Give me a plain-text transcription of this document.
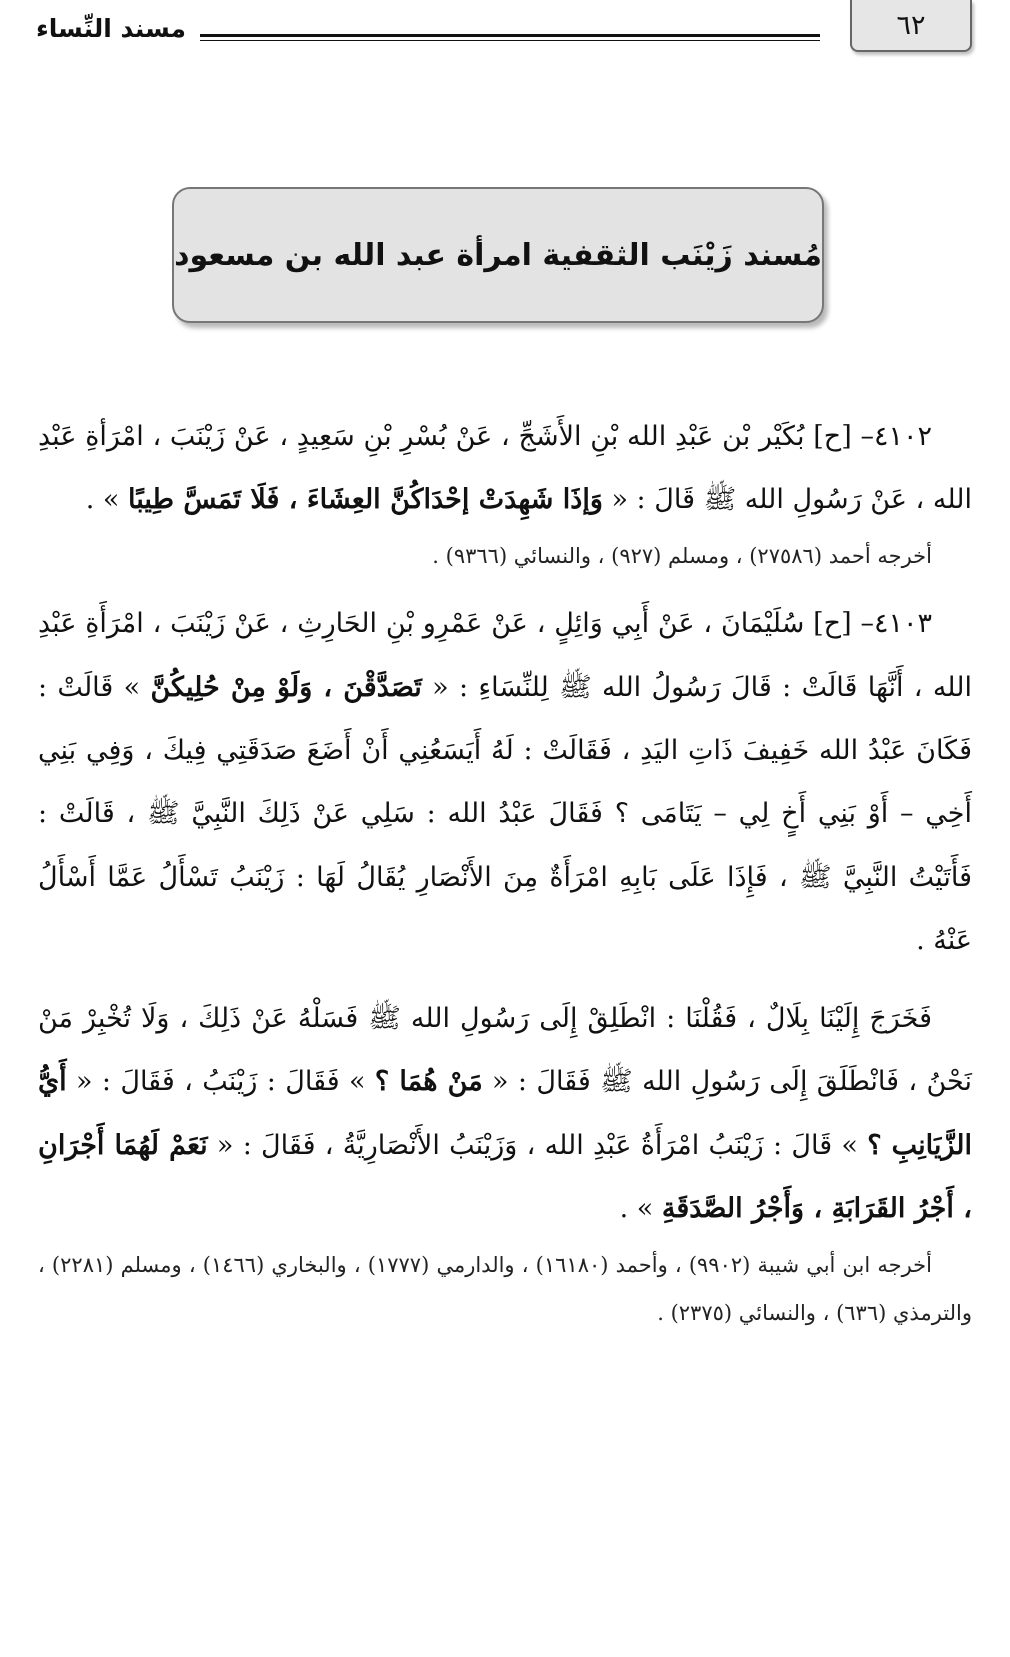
٦٢
مسند النِّساء
مُسند زَيْنَب الثقفية امرأة عبد الله بن مسعود

٤١٠٢– [ح] بُكَيْر بْن عَبْدِ الله بْنِ الأَشَجِّ ، عَنْ بُسْرِ بْنِ سَعِيدٍ ، عَنْ زَيْنَبَ ، امْرَأةِ عَبْدِ الله ، عَنْ رَسُولِ الله ﷺ قَالَ : « وَإذَا شَهِدَتْ إحْدَاكُنَّ العِشَاءَ ، فَلَا تَمَسَّ طِيبًا » .

أخرجه أحمد (٢٧٥٨٦) ، ومسلم (٩٢٧) ، والنسائي (٩٣٦٦) .

٤١٠٣– [ح] سُلَيْمَانَ ، عَنْ أَبِي وَائِلٍ ، عَنْ عَمْرِو بْنِ الحَارِثِ ، عَنْ زَيْنَبَ ، امْرَأَةِ عَبْدِ الله ، أَنَّهَا قَالَتْ : قَالَ رَسُولُ الله ﷺ لِلنِّسَاءِ : « تَصَدَّقْنَ ، وَلَوْ مِنْ حُلِيكُنَّ » قَالَتْ : فَكَانَ عَبْدُ الله خَفِيفَ ذَاتِ اليَدِ ، فَقَالَتْ : لَهُ أَيَسَعُنِي أَنْ أَضَعَ صَدَقَتِي فِيكَ ، وَفِي بَنِي أَخِي – أَوْ بَنِي أَخٍ لِي – يَتَامَى ؟ فَقَالَ عَبْدُ الله : سَلِي عَنْ ذَلِكَ النَّبِيَّ ﷺ ، قَالَتْ : فَأَتَيْتُ النَّبِيَّ ﷺ ، فَإِذَا عَلَى بَابِهِ امْرَأَةٌ مِنَ الأَنْصَارِ يُقَالُ لَهَا : زَيْنَبُ تَسْأَلُ عَمَّا أَسْأَلُ عَنْهُ .

فَخَرَجَ إِلَيْنَا بِلَالٌ ، فَقُلْنَا : انْطَلِقْ إِلَى رَسُولِ الله ﷺ فَسَلْهُ عَنْ ذَلِكَ ، وَلَا تُخْبِرْ مَنْ نَحْنُ ، فَانْطَلَقَ إِلَى رَسُولِ الله ﷺ فَقَالَ : « مَنْ هُمَا ؟ » فَقَالَ : زَيْنَبُ ، فَقَالَ : « أَيُّ الزَّيَانِبِ ؟ » قَالَ : زَيْنَبُ امْرَأَةُ عَبْدِ الله ، وَزَيْنَبُ الأَنْصَارِيَّةُ ، فَقَالَ : « نَعَمْ لَهُمَا أَجْرَانِ ، أَجْرُ القَرَابَةِ ، وَأَجْرُ الصَّدَقَةِ » .

أخرجه ابن أبي شيبة (٩٩٠٢) ، وأحمد (١٦١٨٠) ، والدارمي (١٧٧٧) ، والبخاري (١٤٦٦) ، ومسلم (٢٢٨١) ، والترمذي (٦٣٦) ، والنسائي (٢٣٧٥) .
